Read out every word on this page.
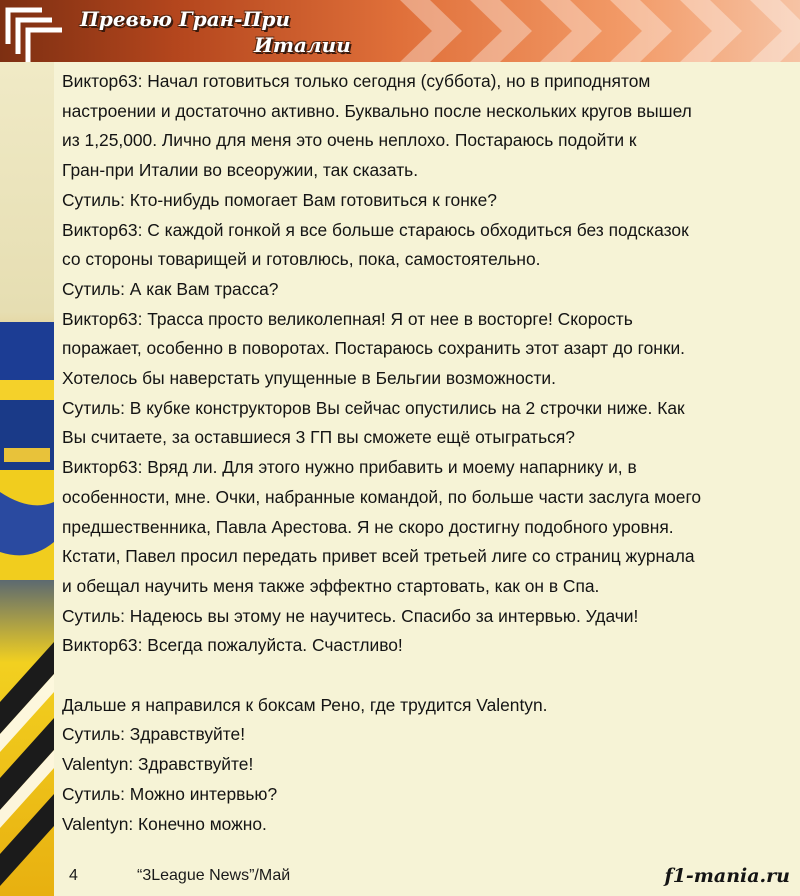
Превью Гран-При
Италии

Виктор63: Начал готовиться только сегодня (суббота), но в приподнятом

настроении и достаточно активно. Буквально после нескольких кругов вышел

из 1,25,000. Лично для меня это очень неплохо. Постараюсь подойти к

Гран-при Италии во всеоружии, так сказать.

Сутиль: Кто-нибудь помогает Вам готовиться к гонке?

Виктор63: С каждой гонкой я все больше стараюсь обходиться без подсказок

со стороны товарищей и готовлюсь, пока, самостоятельно.

Сутиль: А как Вам трасса?

Виктор63: Трасса просто великолепная! Я от нее в восторге! Скорость

поражает, особенно в поворотах. Постараюсь сохранить этот азарт до гонки.

Хотелось бы наверстать упущенные в Бельгии возможности.

Сутиль: В кубке конструкторов Вы сейчас опустились на 2 строчки ниже. Как

Вы считаете, за оставшиеся 3 ГП вы сможете ещё отыграться?

Виктор63: Вряд ли. Для этого нужно прибавить и моему напарнику и, в

особенности, мне. Очки, набранные командой, по больше части заслуга моего

предшественника, Павла Арестова. Я не скоро достигну подобного уровня.

Кстати, Павел просил передать привет всей третьей лиге со страниц журнала

и обещал научить меня также эффектно стартовать, как он в Спа.

Сутиль: Надеюсь вы этому не научитесь. Спасибо за интервью. Удачи!

Виктор63: Всегда пожалуйста. Счастливо!

Дальше я направился к боксам Рено, где трудится Valentyn.

Сутиль: Здравствуйте!

Valentyn: Здравствуйте!

Сутиль: Можно интервью?

Valentyn: Конечно можно.

4	“3League News”/Май	f1-mania.ru
